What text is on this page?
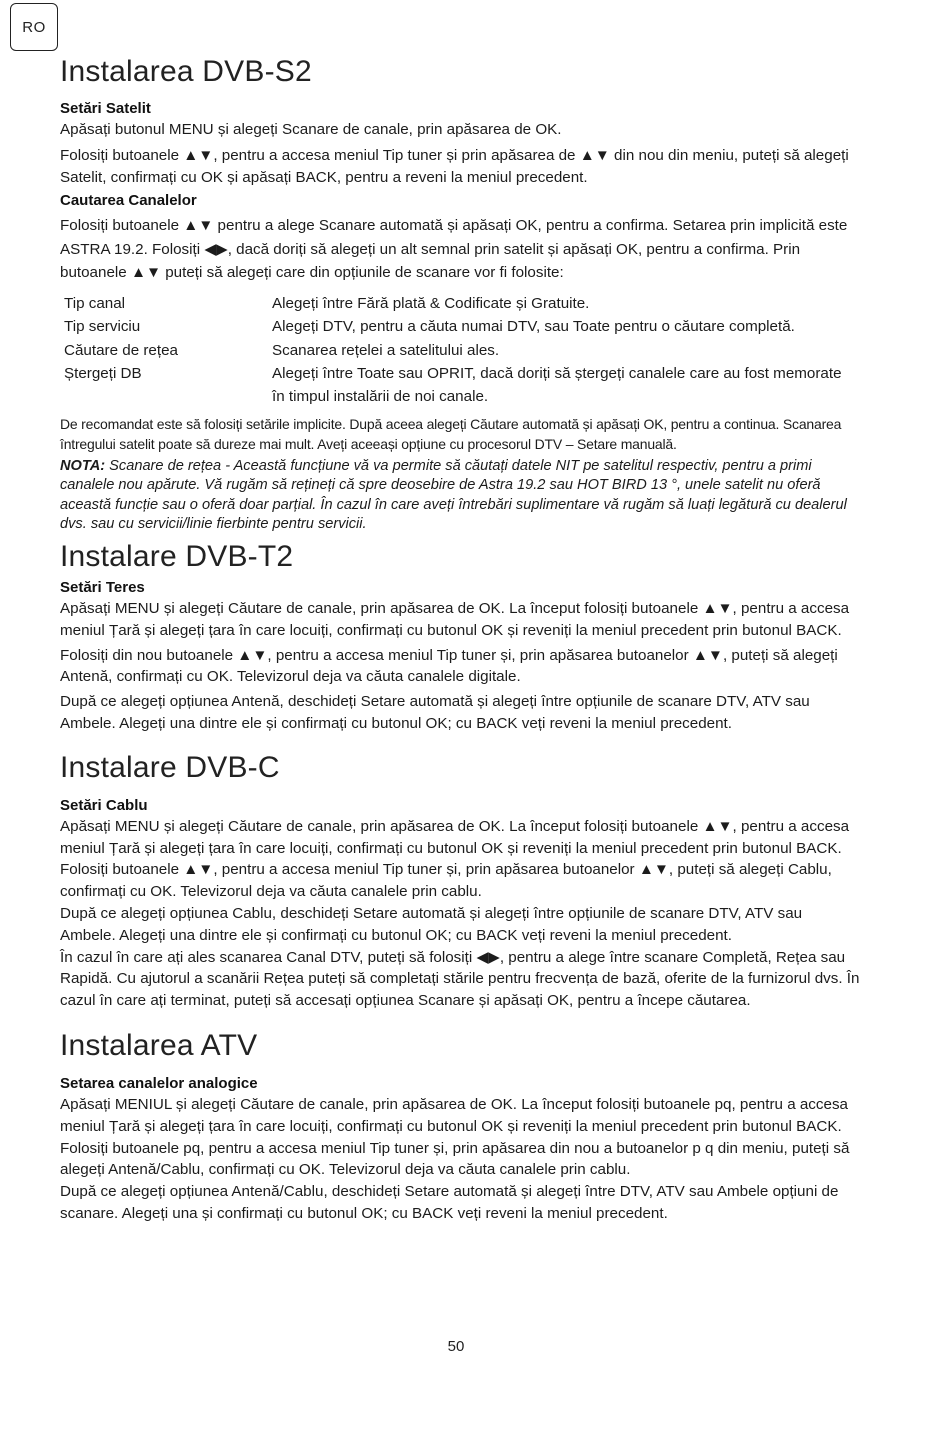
RO
Instalarea DVB-S2
Setări Satelit

Apăsați butonul MENU și alegeți Scanare de canale, prin apăsarea de OK.

Folosiți butoanele ▲▼, pentru a accesa meniul Tip tuner și prin apăsarea de ▲▼ din nou din meniu, puteți să alegeți Satelit, confirmați cu OK și apăsați BACK, pentru a reveni la meniul precedent.

Cautarea Canalelor

Folosiți butoanele ▲▼ pentru a alege Scanare automată și apăsați OK, pentru a confirma. Setarea prin implicită este ASTRA 19.2. Folosiți ◀▶, dacă doriți să alegeți un alt semnal prin satelit și apăsați OK, pentru a confirma. Prin butoanele ▲▼ puteți să alegeți care din opțiunile de scanare vor fi folosite:

Tip canal	Alegeți între Fără plată & Codificate și Gratuite.
Tip serviciu	Alegeți DTV, pentru a căuta numai DTV, sau Toate pentru o căutare completă.
Căutare de rețea	Scanarea rețelei a satelitului ales.
Ștergeți DB	Alegeți între Toate sau OPRIT, dacă doriți să ștergeți canalele care au fost memorate în timpul instalării de noi canale.

De recomandat este să folosiți setările implicite. După aceea alegeți Căutare automată și apăsați OK, pentru a continua. Scanarea întregului satelit poate să dureze mai mult. Aveți aceeași opțiune cu procesorul DTV – Setare manuală.

NOTA: Scanare de rețea - Această funcțiune vă va permite să căutați datele NIT pe satelitul respectiv, pentru a primi canalele nou apărute. Vă rugăm să rețineți că spre deosebire de Astra 19.2 sau HOT BIRD 13 °, unele satelit nu oferă această funcție sau o oferă doar parțial. În cazul în care aveți întrebări suplimentare vă rugăm să luați legătură cu dealerul dvs. sau cu servicii/linie fierbinte pentru servicii.

Instalare DVB-T2
Setări Teres

Apăsați MENU și alegeți Căutare de canale, prin apăsarea de OK. La început folosiți butoanele ▲▼, pentru a accesa meniul Țară și alegeți țara în care locuiți, confirmați cu butonul OK și reveniți la meniul precedent prin butonul BACK.

Folosiți din nou butoanele ▲▼, pentru a accesa meniul Tip tuner și, prin apăsarea butoanelor ▲▼, puteți să alegeți Antenă, confirmați cu OK. Televizorul deja va căuta canalele digitale.

După ce alegeți opțiunea Antenă, deschideți Setare automată și alegeți între opțiunile de scanare DTV, ATV sau Ambele. Alegeți una dintre ele și confirmați cu butonul OK; cu BACK veți reveni la meniul precedent.

Instalare DVB-C
Setări Cablu

Apăsați MENU și alegeți Căutare de canale, prin apăsarea de OK. La început folosiți butoanele ▲▼, pentru a accesa meniul Țară și alegeți țara în care locuiți, confirmați cu butonul OK și reveniți la meniul precedent prin butonul BACK.

Folosiți butoanele ▲▼, pentru a accesa meniul Tip tuner și, prin apăsarea butoanelor ▲▼, puteți să alegeți Cablu, confirmați cu OK. Televizorul deja va căuta canalele prin cablu.

După ce alegeți opțiunea Cablu, deschideți Setare automată și alegeți între opțiunile de scanare DTV, ATV sau Ambele. Alegeți una dintre ele și confirmați cu butonul OK; cu BACK veți reveni la meniul precedent.

În cazul în care ați ales scanarea Canal DTV, puteți să folosiți ◀▶, pentru a alege între scanare Completă, Rețea sau Rapidă. Cu ajutorul a scanării Rețea puteți să completați stările pentru frecvența de bază, oferite de la furnizorul dvs. În cazul în care ați terminat, puteți să accesați opțiunea Scanare și apăsați OK, pentru a începe căutarea.

Instalarea ATV
Setarea canalelor analogice

Apăsați MENIUL și alegeți Căutare de canale, prin apăsarea de OK. La început folosiți butoanele pq, pentru a accesa meniul Țară și alegeți țara în care locuiți, confirmați cu butonul OK și reveniți la meniul precedent prin butonul BACK.

Folosiți butoanele pq, pentru a accesa meniul Tip tuner și, prin apăsarea din nou a butoanelor p q din meniu, puteți să alegeți Antenă/Cablu, confirmați cu OK. Televizorul deja va căuta canalele prin cablu.

După ce alegeți opțiunea Antenă/Cablu, deschideți Setare automată și alegeți între DTV, ATV sau Ambele opțiuni de scanare. Alegeți una și confirmați cu butonul OK; cu BACK veți reveni la meniul precedent.

50
